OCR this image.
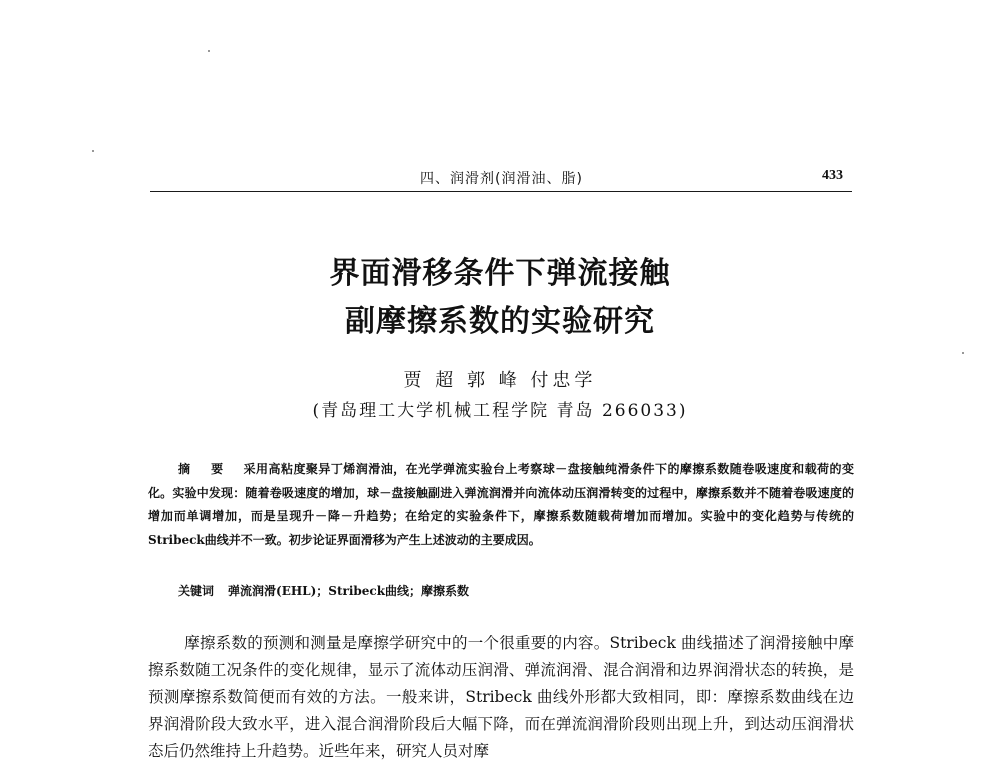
四、润滑剂(润滑油、脂)	433
界面滑移条件下弹流接触
副摩擦系数的实验研究
贾 超 郭 峰 付忠学
(青岛理工大学机械工程学院 青岛 266033)
摘 要 采用高粘度聚异丁烯润滑油，在光学弹流实验台上考察球－盘接触纯滑条件下的摩擦系数随卷吸速度和载荷的变化。实验中发现：随着卷吸速度的增加，球－盘接触副进入弹流润滑并向流体动压润滑转变的过程中，摩擦系数并不随着卷吸速度的增加而单调增加，而是呈现升－降－升趋势；在给定的实验条件下，摩擦系数随载荷增加而增加。实验中的变化趋势与传统的Stribeck曲线并不一致。初步论证界面滑移为产生上述波动的主要成因。
关键词 弹流润滑(EHL)；Stribeck曲线；摩擦系数
摩擦系数的预测和测量是摩擦学研究中的一个很重要的内容。Stribeck 曲线描述了润滑接触中摩擦系数随工况条件的变化规律，显示了流体动压润滑、弹流润滑、混合润滑和边界润滑状态的转换，是预测摩擦系数简便而有效的方法。一般来讲，Stribeck 曲线外形都大致相同，即：摩擦系数曲线在边界润滑阶段大致水平，进入混合润滑阶段后大幅下降，而在弹流润滑阶段则出现上升，到达动压润滑状态后仍然维持上升趋势。近些年来，研究人员对摩
